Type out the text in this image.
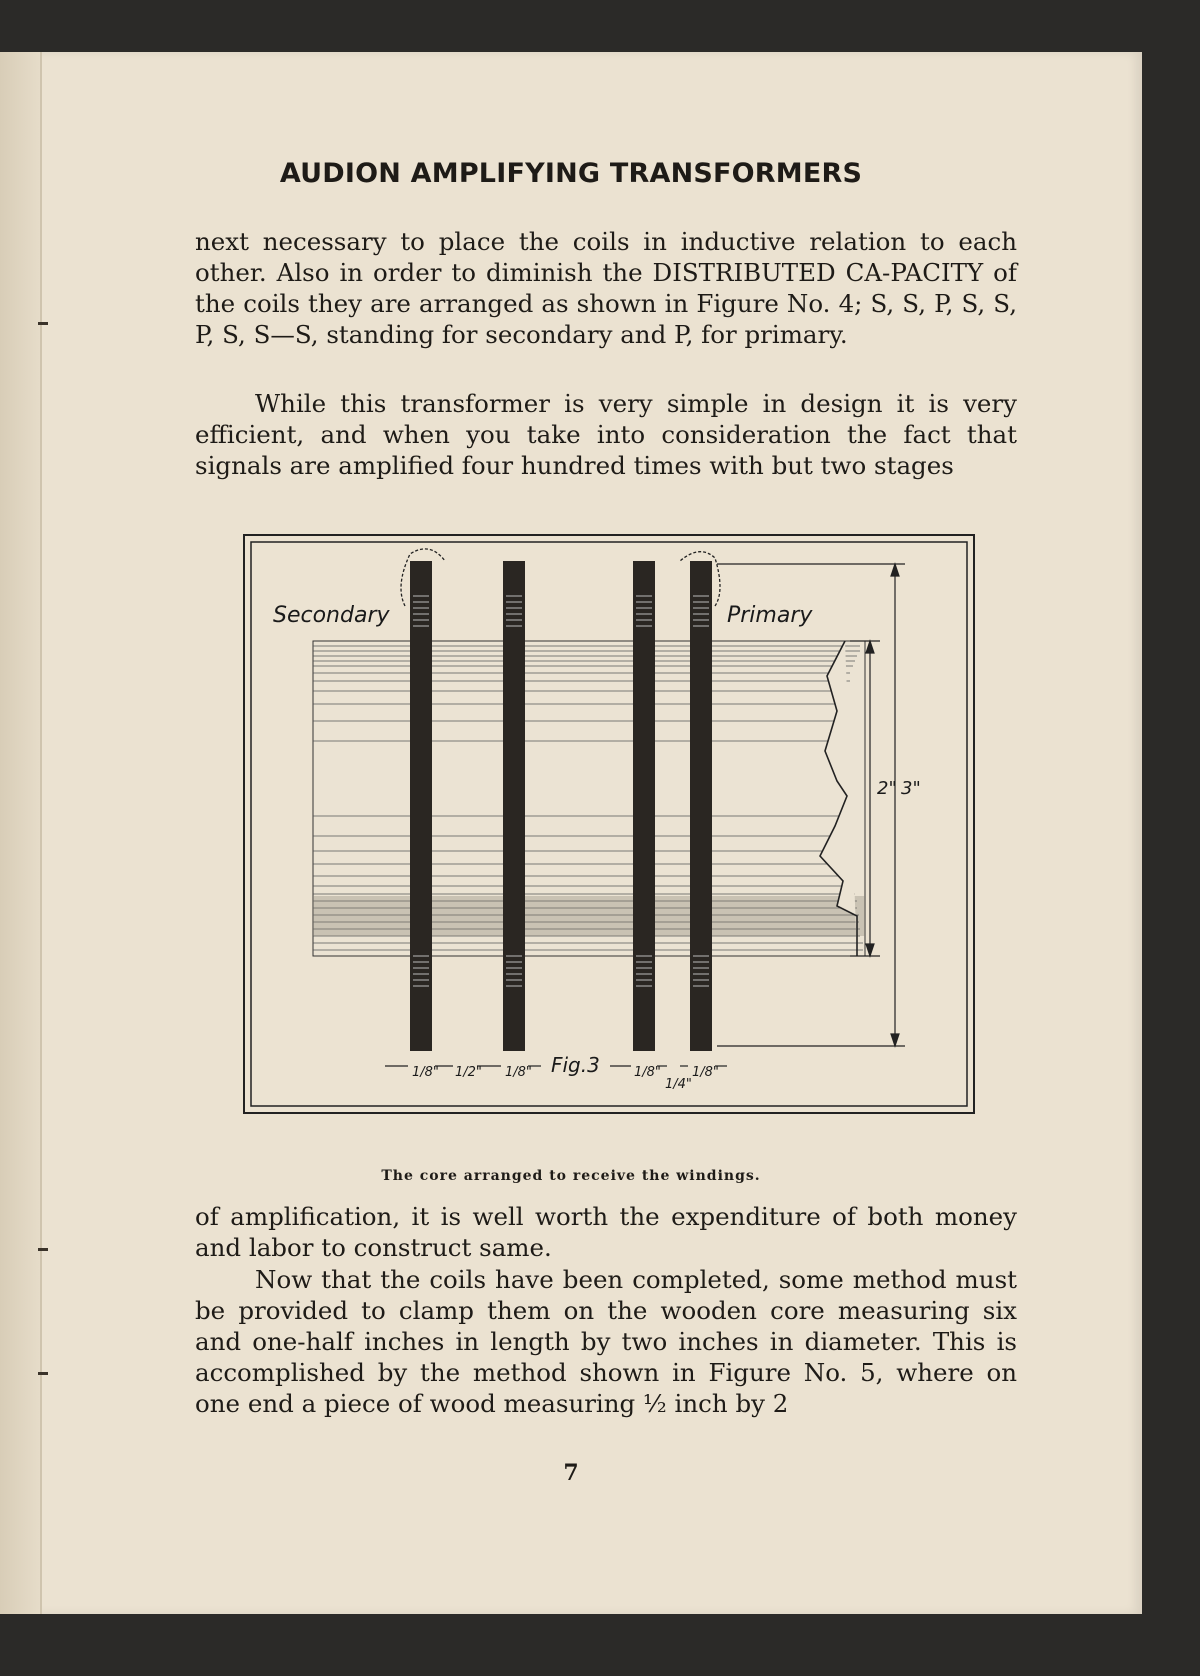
AUDION AMPLIFYING TRANSFORMERS
next necessary to place the coils in inductive relation to each other. Also in order to diminish the DISTRIBUTED CA-PACITY of the coils they are arranged as shown in Figure No. 4; S, S, P, S, S, P, S, S—S, standing for secondary and P, for primary.
While this transformer is very simple in design it is very efficient, and when you take into consideration the fact that signals are amplified four hundred times with but two stages
Secondary	Primary
Fig.3
2" 3"
1/8" 1/2" 1/8"	1/8"
1/4"
1/8"
The core arranged to receive the windings.
of amplification, it is well worth the expenditure of both money and labor to construct same.
Now that the coils have been completed, some method must be provided to clamp them on the wooden core measuring six and one-half inches in length by two inches in diameter. This is accomplished by the method shown in Figure No. 5, where on one end a piece of wood measuring ½ inch by 2
7
